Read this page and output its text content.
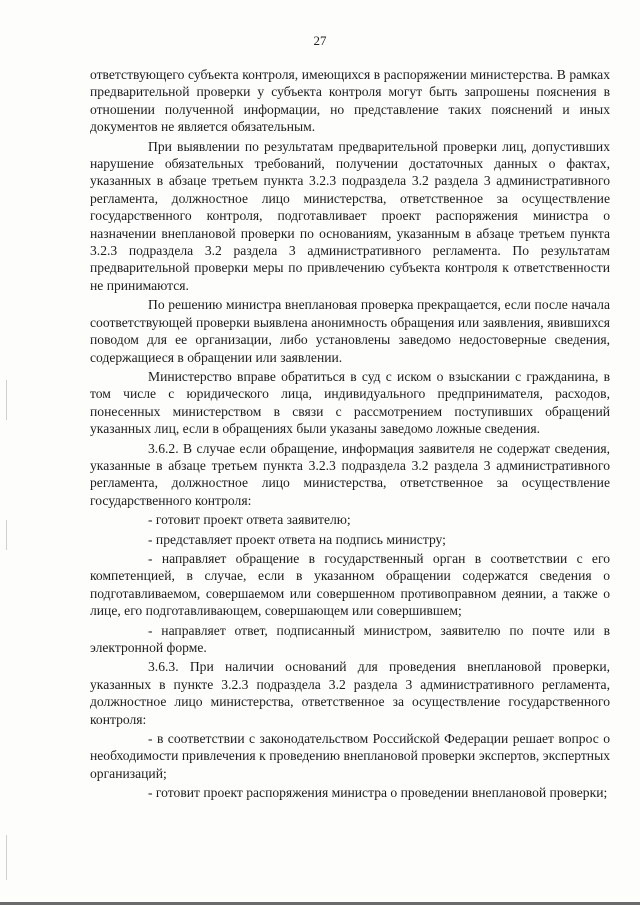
27

ответствующего субъекта контроля, имеющихся в распоряжении министерства. В рамках предварительной проверки у субъекта контроля могут быть запрошены пояснения в отношении полученной информации, но представление таких пояснений и иных документов не является обязательным.

При выявлении по результатам предварительной проверки лиц, допустивших нарушение обязательных требований, получении достаточных данных о фактах, указанных в абзаце третьем пункта 3.2.3 подраздела 3.2 раздела 3 административного регламента, должностное лицо министерства, ответственное за осуществление государственного контроля, подготавливает проект распоряжения министра о назначении внеплановой проверки по основаниям, указанным в абзаце третьем пункта 3.2.3 подраздела 3.2 раздела 3 административного регламента. По результатам предварительной проверки меры по привлечению субъекта контроля к ответственности не принимаются.

По решению министра внеплановая проверка прекращается, если после начала соответствующей проверки выявлена анонимность обращения или заявления, явившихся поводом для ее организации, либо установлены заведомо недостоверные сведения, содержащиеся в обращении или заявлении.

Министерство вправе обратиться в суд с иском о взыскании с гражданина, в том числе с юридического лица, индивидуального предпринимателя, расходов, понесенных министерством в связи с рассмотрением поступивших обращений указанных лиц, если в обращениях были указаны заведомо ложные сведения.

3.6.2. В случае если обращение, информация заявителя не содержат сведения, указанные в абзаце третьем пункта 3.2.3 подраздела 3.2 раздела 3 административного регламента, должностное лицо министерства, ответственное за осуществление государственного контроля:

- готовит проект ответа заявителю;

- представляет проект ответа на подпись министру;

- направляет обращение в государственный орган в соответствии с его компетенцией, в случае, если в указанном обращении содержатся сведения о подготавливаемом, совершаемом или совершенном противоправном деянии, а также о лице, его подготавливающем, совершающем или совершившем;

- направляет ответ, подписанный министром, заявителю по почте или в электронной форме.

3.6.3. При наличии оснований для проведения внеплановой проверки, указанных в пункте 3.2.3 подраздела 3.2 раздела 3 административного регламента, должностное лицо министерства, ответственное за осуществление государственного контроля:

- в соответствии с законодательством Российской Федерации решает вопрос о необходимости привлечения к проведению внеплановой проверки экспертов, экспертных организаций;

- готовит проект распоряжения министра о проведении внеплановой проверки;
